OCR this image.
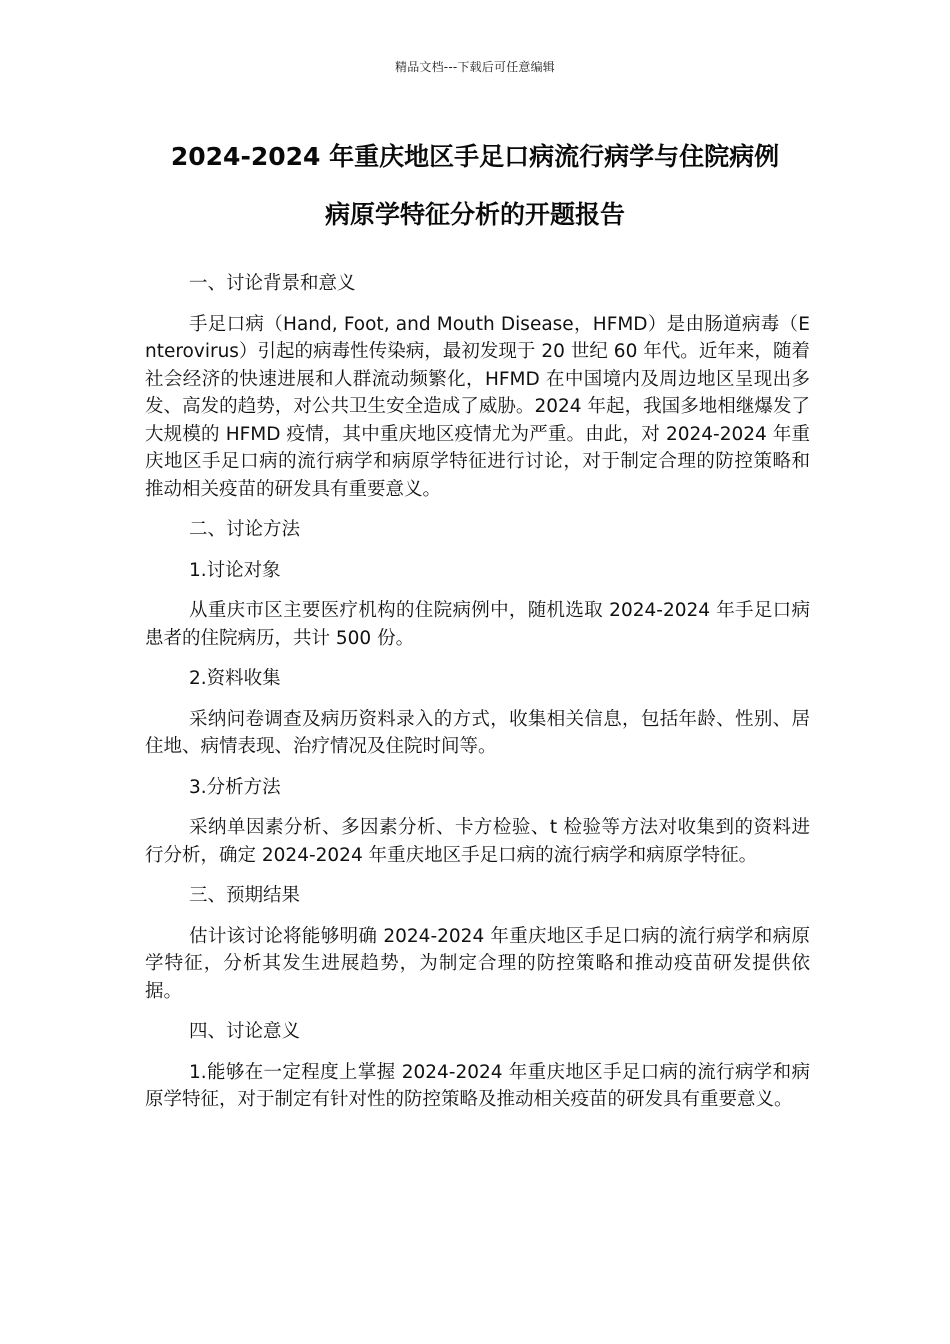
精品文档---下载后可任意编辑
2024-2024 年重庆地区手足口病流行病学与住院病例
病原学特征分析的开题报告
一、讨论背景和意义

手足口病（Hand, Foot, and Mouth Disease，HFMD）是由肠道病毒（Enterovirus）引起的病毒性传染病，最初发现于 20 世纪 60 年代。近年来，随着社会经济的快速进展和人群流动频繁化，HFMD 在中国境内及周边地区呈现出多发、高发的趋势，对公共卫生安全造成了威胁。2024 年起，我国多地相继爆发了大规模的 HFMD 疫情，其中重庆地区疫情尤为严重。由此，对 2024-2024 年重庆地区手足口病的流行病学和病原学特征进行讨论，对于制定合理的防控策略和推动相关疫苗的研发具有重要意义。

二、讨论方法
1.讨论对象

从重庆市区主要医疗机构的住院病例中，随机选取 2024-2024 年手足口病患者的住院病历，共计 500 份。

2.资料收集

采纳问卷调查及病历资料录入的方式，收集相关信息，包括年龄、性别、居住地、病情表现、治疗情况及住院时间等。

3.分析方法

采纳单因素分析、多因素分析、卡方检验、t 检验等方法对收集到的资料进行分析，确定 2024-2024 年重庆地区手足口病的流行病学和病原学特征。

三、预期结果

估计该讨论将能够明确 2024-2024 年重庆地区手足口病的流行病学和病原学特征，分析其发生进展趋势，为制定合理的防控策略和推动疫苗研发提供依据。

四、讨论意义

1.能够在一定程度上掌握 2024-2024 年重庆地区手足口病的流行病学和病原学特征，对于制定有针对性的防控策略及推动相关疫苗的研发具有重要意义。
